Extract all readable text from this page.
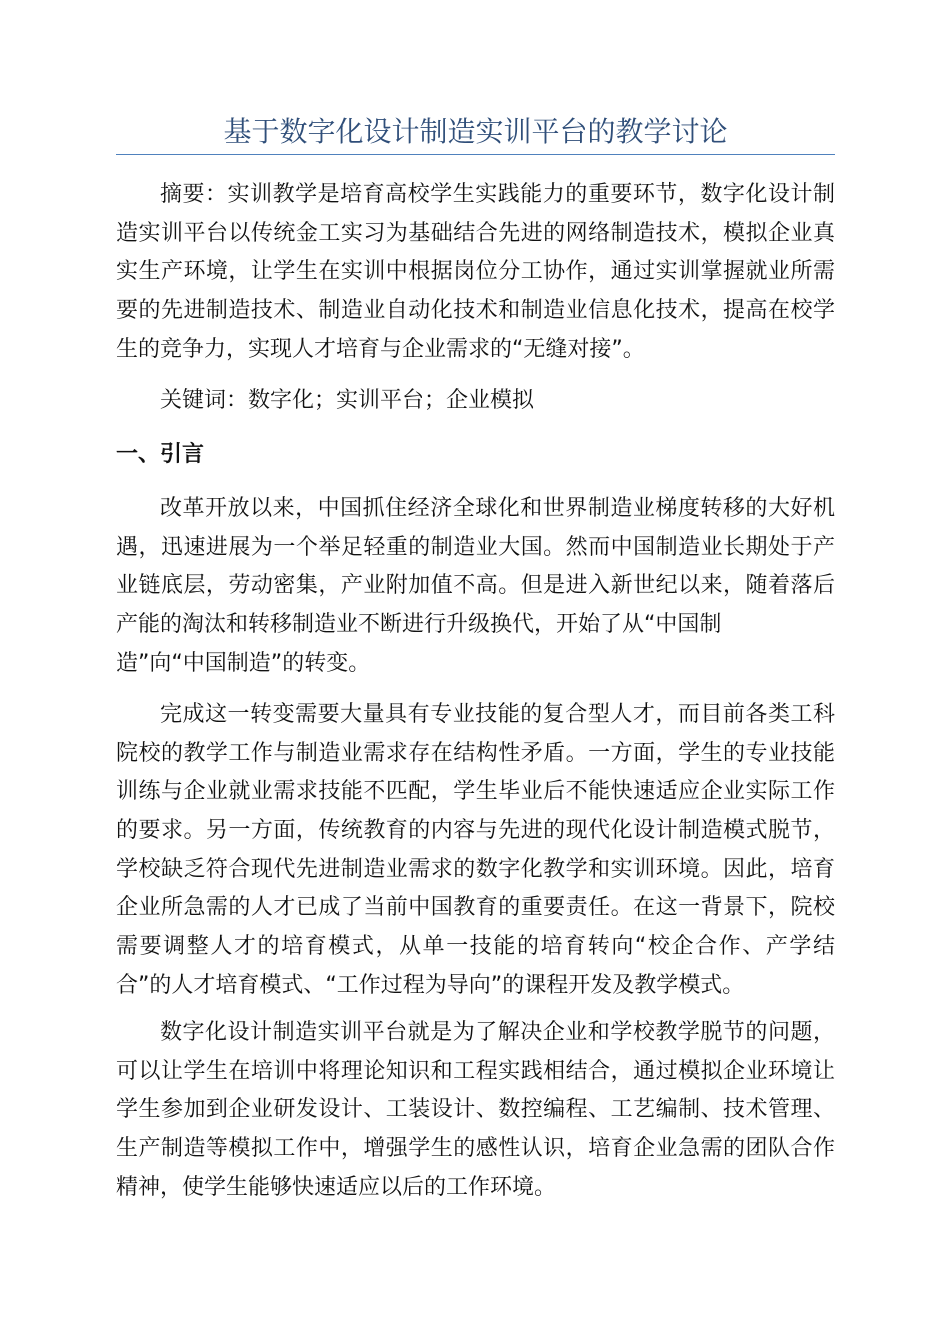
基于数字化设计制造实训平台的教学讨论
摘要：实训教学是培育高校学生实践能力的重要环节，数字化设计制
造实训平台以传统金工实习为基础结合先进的网络制造技术，模拟企业真
实生产环境，让学生在实训中根据岗位分工协作，通过实训掌握就业所需
要的先进制造技术、制造业自动化技术和制造业信息化技术，提高在校学
生的竞争力，实现人才培育与企业需求的“无缝对接”。
关键词：数字化；实训平台；企业模拟
一、引言
改革开放以来，中国抓住经济全球化和世界制造业梯度转移的大好机
遇，迅速进展为一个举足轻重的制造业大国。然而中国制造业长期处于产
业链底层，劳动密集，产业附加值不高。但是进入新世纪以来，随着落后
产能的淘汰和转移制造业不断进行升级换代，开始了从“中国制
造”向“中国制造”的转变。
完成这一转变需要大量具有专业技能的复合型人才，而目前各类工科
院校的教学工作与制造业需求存在结构性矛盾。一方面，学生的专业技能
训练与企业就业需求技能不匹配，学生毕业后不能快速适应企业实际工作
的要求。另一方面，传统教育的内容与先进的现代化设计制造模式脱节，
学校缺乏符合现代先进制造业需求的数字化教学和实训环境。因此，培育
企业所急需的人才已成了当前中国教育的重要责任。在这一背景下，院校
需要调整人才的培育模式，从单一技能的培育转向“校企合作、产学结
合”的人才培育模式、“工作过程为导向”的课程开发及教学模式。
数字化设计制造实训平台就是为了解决企业和学校教学脱节的问题，
可以让学生在培训中将理论知识和工程实践相结合，通过模拟企业环境让
学生参加到企业研发设计、工装设计、数控编程、工艺编制、技术管理、
生产制造等模拟工作中，增强学生的感性认识，培育企业急需的团队合作
精神，使学生能够快速适应以后的工作环境。
